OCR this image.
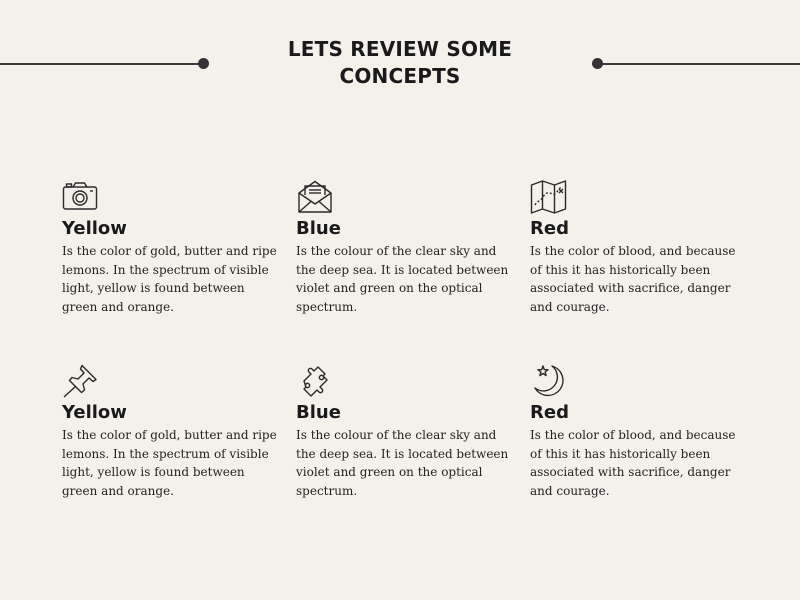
LETS REVIEW SOME CONCEPTS
Yellow
Is the color of gold, butter and ripe lemons. In the spectrum of visible light, yellow is found between green and orange.
Blue
Is the colour of the clear sky and the deep sea. It is located between violet and green on the optical spectrum.
Red
Is the color of blood, and because of this it has historically been associated with sacrifice, danger and courage.
Yellow
Is the color of gold, butter and ripe lemons. In the spectrum of visible light, yellow is found between green and orange.
Blue
Is the colour of the clear sky and the deep sea. It is located between violet and green on the optical spectrum.
Red
Is the color of blood, and because of this it has historically been associated with sacrifice, danger and courage.
